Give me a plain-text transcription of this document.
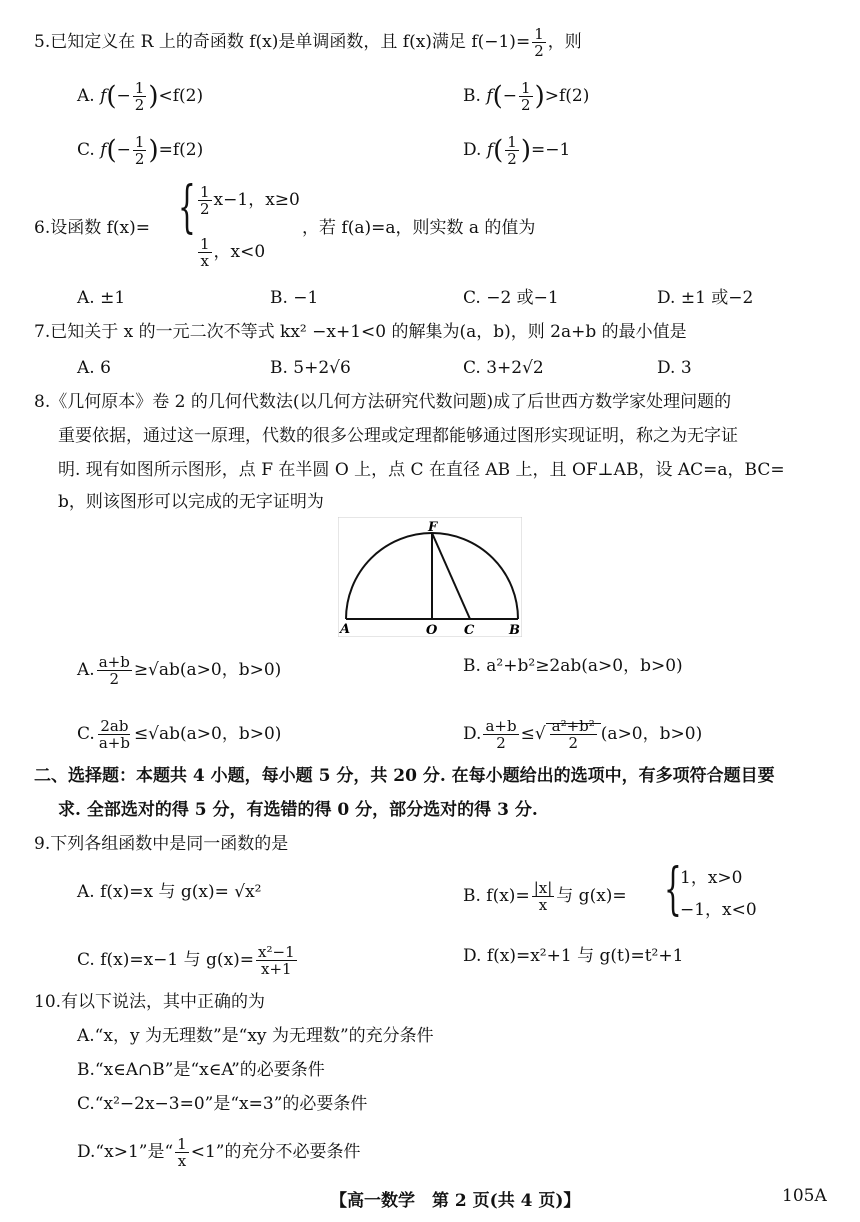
5.已知定义在 R 上的奇函数 f(x)是单调函数，且 f(x)满足 $f(-1)= \frac{1}{2}$ ，则
A. $f(- \frac{1}{2} )<f(2)$	B. $f(- \frac{1}{2} )>f(2)$
C. $f(- \frac{1}{2} )=f(2)$	D. $f( \frac{1}{2} )=-1$
6.设函数 f(x)= { $\frac{1}{2} x-1$，x≥0
$\frac{1}{x}$ ，x<0
，若 f(a)=a，则实数 a 的值为
A. ±1	B. −1	C. −2 或−1	D. ±1 或−2
7.已知关于 x 的一元二次不等式 kx² −x+1<0 的解集为(a，b)，则 2a+b 的最小值是
A. 6	B. 5+2√6	C. 3+2√2	D. 3
8.《几何原本》卷 2 的几何代数法(以几何方法研究代数问题)成了后世西方数学家处理问题的
重要依据，通过这一原理，代数的很多公理或定理都能够通过图形实现证明，称之为无字证
明. 现有如图所示图形，点 F 在半圆 O 上，点 C 在直径 AB 上，且 OF⊥AB，设 AC=a，BC=
b，则该图形可以完成的无字证明为
F
A	O C	B
A. $\frac{a+b}{2} \ge√ab(a>0$，b>0)	B. a²+b²≥2ab(a>0，b>0)
C. $\frac{2ab}{a+b} \le√ab(a>0$，b>0)	D. $\frac{a+b}{2}$ ≤√ $\frac{\text{a²+b²}}{2} (a>0$，b>0)
二、选择题：本题共 4 小题，每小题 5 分，共 20 分. 在每小题给出的选项中，有多项符合题目要
求. 全部选对的得 5 分，有选错的得 0 分，部分选对的得 3 分.
9.下列各组函数中是同一函数的是
A. f(x)=x 与 g(x)= √x²	B. $f(x)= \frac{|x|}{x}$ 与 g(x)= {
1，x>0
−1，x<0
C. f(x)=x−1 与 $g(x)= \frac{\text{x²−1}}{x+1}$	D. f(x)=x²+1 与 g(t)=t²+1
10.有以下说法，其中正确的为
A.“x，y 为无理数”是“xy 为无理数”的充分条件
B.“x∈A∩B”是“x∈A”的必要条件
C.“x²−2x−3=0”是“x=3”的必要条件
D.“x>1”是“ $\frac{1}{x} <1$”的充分不必要条件
【高一数学　第 2 页(共 4 页)】	105A
